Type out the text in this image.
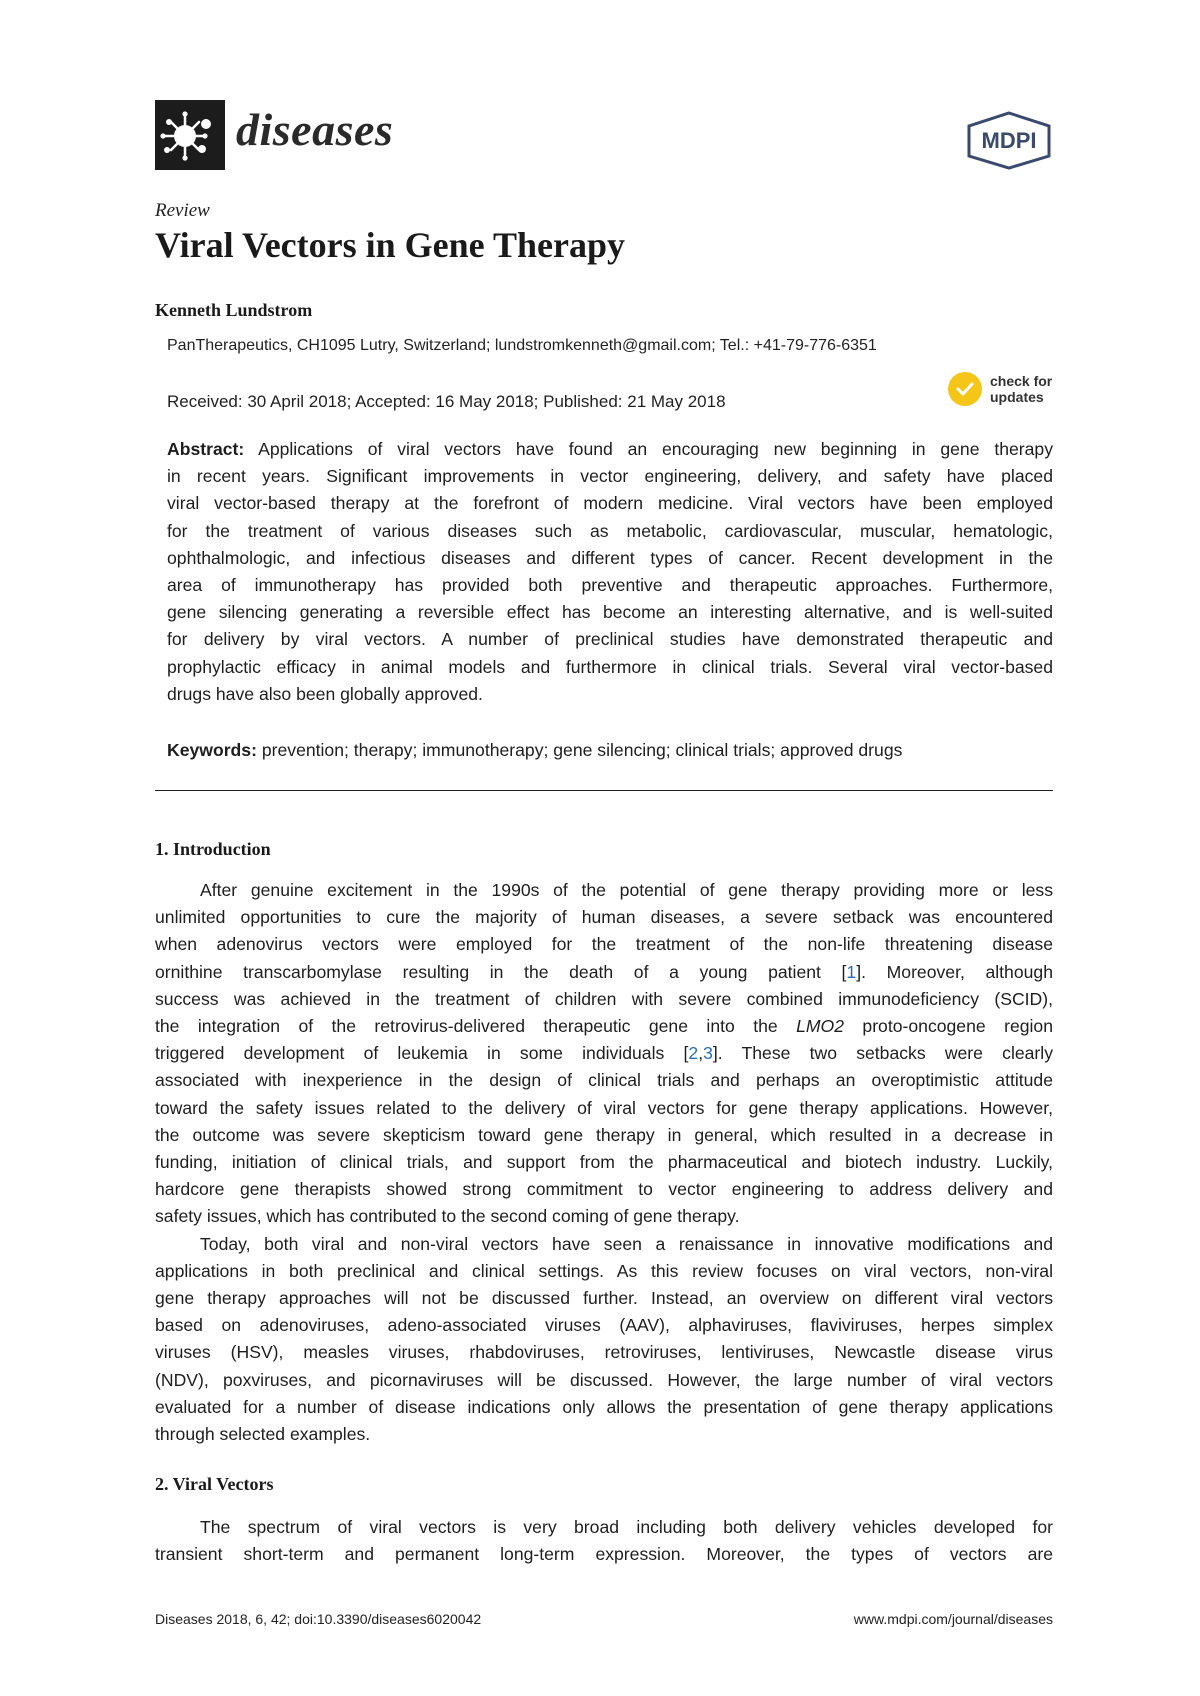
diseases	MDPI
Review
Viral Vectors in Gene Therapy
Kenneth Lundstrom
PanTherapeutics, CH1095 Lutry, Switzerland; lundstromkenneth@gmail.com; Tel.: +41-79-776-6351
Received: 30 April 2018; Accepted: 16 May 2018; Published: 21 May 2018
check for
updates
Abstract: Applications of viral vectors have found an encouraging new beginning in gene therapy
in recent years. Significant improvements in vector engineering, delivery, and safety have placed
viral vector-based therapy at the forefront of modern medicine. Viral vectors have been employed
for the treatment of various diseases such as metabolic, cardiovascular, muscular, hematologic,
ophthalmologic, and infectious diseases and different types of cancer. Recent development in the
area of immunotherapy has provided both preventive and therapeutic approaches. Furthermore,
gene silencing generating a reversible effect has become an interesting alternative, and is well-suited
for delivery by viral vectors. A number of preclinical studies have demonstrated therapeutic and
prophylactic efficacy in animal models and furthermore in clinical trials. Several viral vector-based
drugs have also been globally approved.
Keywords: prevention; therapy; immunotherapy; gene silencing; clinical trials; approved drugs
1. Introduction
After genuine excitement in the 1990s of the potential of gene therapy providing more or less
unlimited opportunities to cure the majority of human diseases, a severe setback was encountered
when adenovirus vectors were employed for the treatment of the non-life threatening disease
ornithine transcarbomylase resulting in the death of a young patient [1]. Moreover, although
success was achieved in the treatment of children with severe combined immunodeficiency (SCID),
the integration of the retrovirus-delivered therapeutic gene into the LMO2 proto-oncogene region
triggered development of leukemia in some individuals [2,3]. These two setbacks were clearly
associated with inexperience in the design of clinical trials and perhaps an overoptimistic attitude
toward the safety issues related to the delivery of viral vectors for gene therapy applications. However,
the outcome was severe skepticism toward gene therapy in general, which resulted in a decrease in
funding, initiation of clinical trials, and support from the pharmaceutical and biotech industry. Luckily,
hardcore gene therapists showed strong commitment to vector engineering to address delivery and
safety issues, which has contributed to the second coming of gene therapy.
Today, both viral and non-viral vectors have seen a renaissance in innovative modifications and
applications in both preclinical and clinical settings. As this review focuses on viral vectors, non-viral
gene therapy approaches will not be discussed further. Instead, an overview on different viral vectors
based on adenoviruses, adeno-associated viruses (AAV), alphaviruses, flaviviruses, herpes simplex
viruses (HSV), measles viruses, rhabdoviruses, retroviruses, lentiviruses, Newcastle disease virus
(NDV), poxviruses, and picornaviruses will be discussed. However, the large number of viral vectors
evaluated for a number of disease indications only allows the presentation of gene therapy applications
through selected examples.
2. Viral Vectors
The spectrum of viral vectors is very broad including both delivery vehicles developed for
transient short-term and permanent long-term expression. Moreover, the types of vectors are
Diseases 2018, 6, 42; doi:10.3390/diseases6020042	www.mdpi.com/journal/diseases
